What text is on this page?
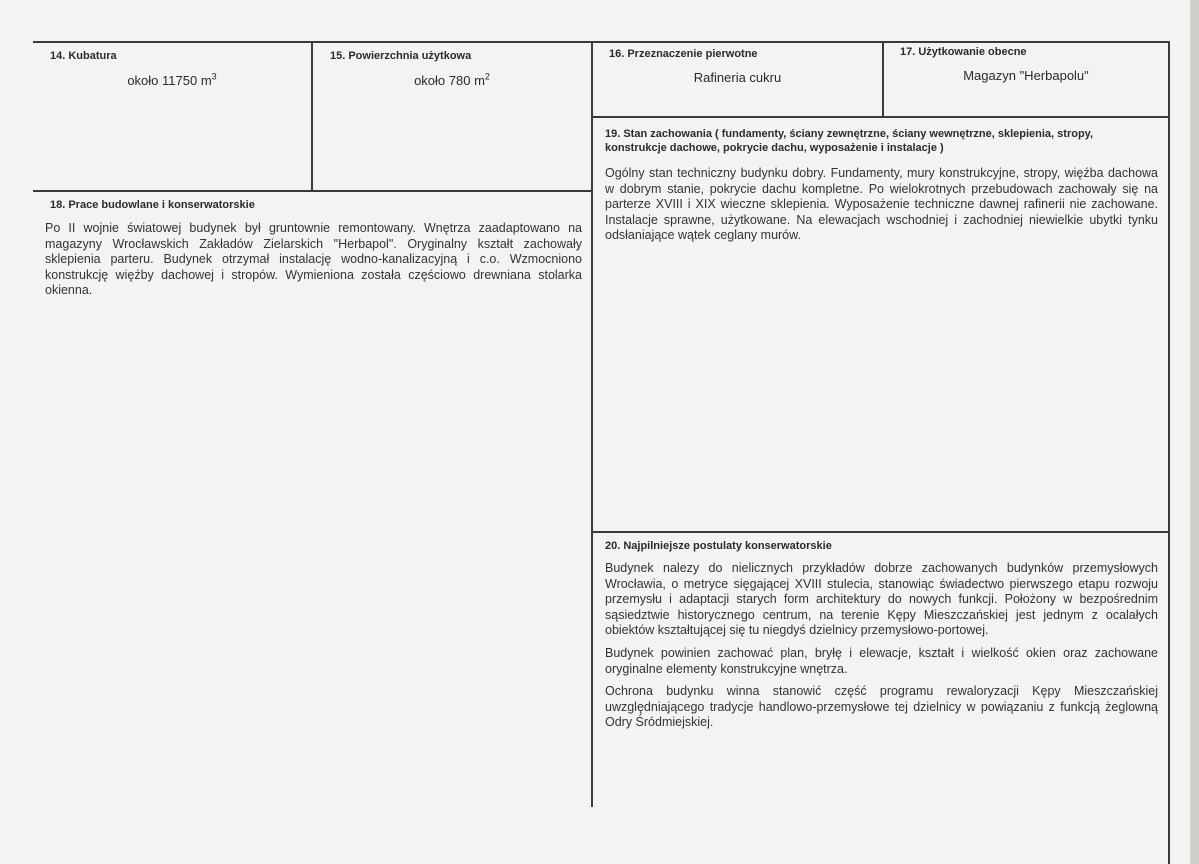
14. Kubatura
około 11750 $m^3$
15. Powierzchnia użytkowa
około 780 $m^2$
16. Przeznaczenie pierwotne
Rafineria cukru
17. Użytkowanie obecne
Magazyn "Herbapolu"
18. Prace budowlane i konserwatorskie
Po II wojnie światowej budynek był gruntownie remontowany. Wnętrza zaadaptowano na magazyny Wrocławskich Zakładów Zielarskich "Herbapol". Oryginalny kształt zachowały sklepienia parteru. Budynek otrzymał instalację wodno-kanalizacyjną i c.o. Wzmocniono konstrukcję więźby dachowej i stropów. Wymieniona została częściowo drewniana stolarka okienna.
19. Stan zachowania ( fundamenty, ściany zewnętrzne, ściany wewnętrzne, sklepienia, stropy, konstrukcje dachowe, pokrycie dachu, wyposażenie i instalacje )
Ogólny stan techniczny budynku dobry. Fundamenty, mury konstrukcyjne, stropy, więźba dachowa w dobrym stanie, pokrycie dachu kompletne. Po wielokrotnych przebudowach zachowały się na parterze XVIII i XIX wieczne sklepienia. Wyposażenie techniczne dawnej rafinerii nie zachowane. Instalacje sprawne, użytkowane. Na elewacjach wschodniej i zachodniej niewielkie ubytki tynku odsłaniające wątek ceglany murów.
20. Najpilniejsze postulaty konserwatorskie

Budynek nalezy do nielicznych przykładów dobrze zachowanych budynków przemysłowych Wrocławia, o metryce sięgającej XVIII stulecia, stanowiąc świadectwo pierwszego etapu rozwoju przemysłu i adaptacji starych form architektury do nowych funkcji. Położony w bezpośrednim sąsiedztwie historycznego centrum, na terenie Kępy Mieszczańskiej jest jednym z ocalałych obiektów kształtującej się tu niegdyś dzielnicy przemysłowo-portowej.

Budynek powinien zachować plan, bryłę i elewacje, kształt i wielkość okien oraz zachowane oryginalne elementy konstrukcyjne wnętrza.

Ochrona budynku winna stanowić część programu rewaloryzacji Kępy Mieszczańskiej uwzględniającego tradycje handlowo-przemysłowe tej dzielnicy w powiązaniu z funkcją żeglowną Odry Śródmiejskiej.
